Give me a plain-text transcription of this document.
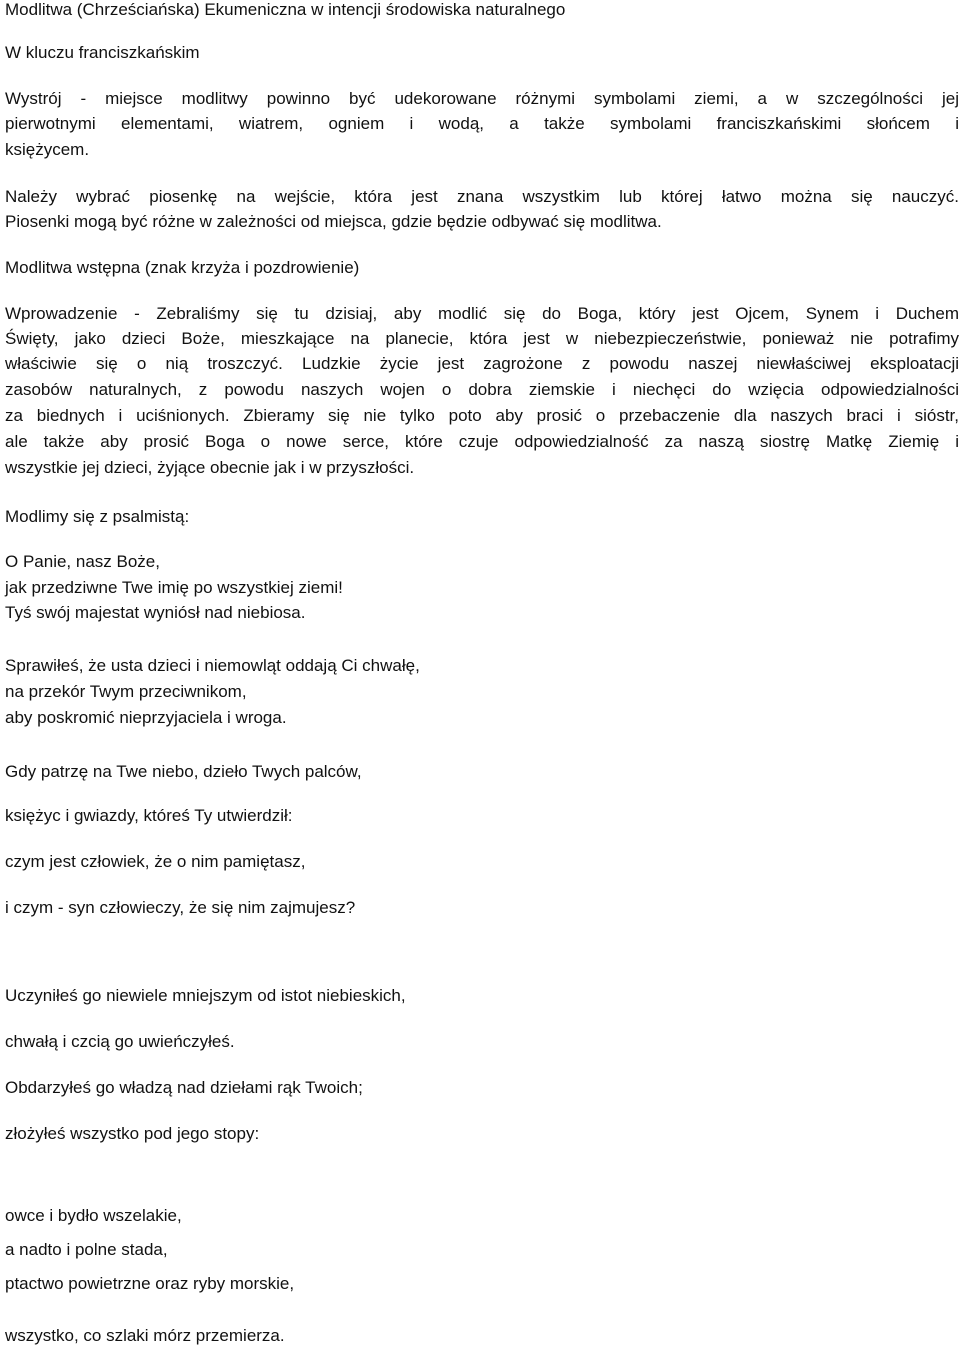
Modlitwa (Chrześciańska) Ekumeniczna w intencji środowiska naturalnego
W kluczu franciszkańskim
Wystrój - miejsce modlitwy powinno być udekorowane różnymi symbolami ziemi, a w szczególności jej
pierwotnymi elementami, wiatrem, ogniem i wodą, a także symbolami franciszkańskimi słońcem i
księżycem.
Należy wybrać piosenkę na wejście, która jest znana wszystkim lub której łatwo można się nauczyć.
Piosenki mogą być różne w zależności od miejsca, gdzie będzie odbywać się modlitwa.
Modlitwa wstępna (znak krzyża i pozdrowienie)
Wprowadzenie - Zebraliśmy się tu dzisiaj, aby modlić się do Boga, który jest Ojcem, Synem i Duchem
Święty, jako dzieci Boże, mieszkające na planecie, która jest w niebezpieczeństwie, ponieważ nie potrafimy
właściwie się o nią troszczyć. Ludzkie życie jest zagrożone z powodu naszej niewłaściwej eksploatacji
zasobów naturalnych, z powodu naszych wojen o dobra ziemskie i niechęci do wzięcia odpowiedzialności
za biednych i uciśnionych. Zbieramy się nie tylko poto aby prosić o przebaczenie dla naszych braci i sióstr,
ale także aby prosić Boga o nowe serce, które czuje odpowiedzialność za naszą siostrę Matkę Ziemię i
wszystkie jej dzieci, żyjące obecnie jak i w przyszłości.
Modlimy się z psalmistą:
O Panie, nasz Boże,
jak przedziwne Twe imię po wszystkiej ziemi!
Tyś swój majestat wyniósł nad niebiosa.
Sprawiłeś, że usta dzieci i niemowląt oddają Ci chwałę,
na przekór Twym przeciwnikom,
aby poskromić nieprzyjaciela i wroga.
Gdy patrzę na Twe niebo, dzieło Twych palców,
księżyc i gwiazdy, któreś Ty utwierdził:
czym jest człowiek, że o nim pamiętasz,
i czym - syn człowieczy, że się nim zajmujesz?
Uczyniłeś go niewiele mniejszym od istot niebieskich,
chwałą i czcią go uwieńczyłeś.
Obdarzyłeś go władzą nad dziełami rąk Twoich;
złożyłeś wszystko pod jego stopy:
owce i bydło wszelakie,
a nadto i polne stada,
ptactwo powietrzne oraz ryby morskie,
wszystko, co szlaki mórz przemierza.
